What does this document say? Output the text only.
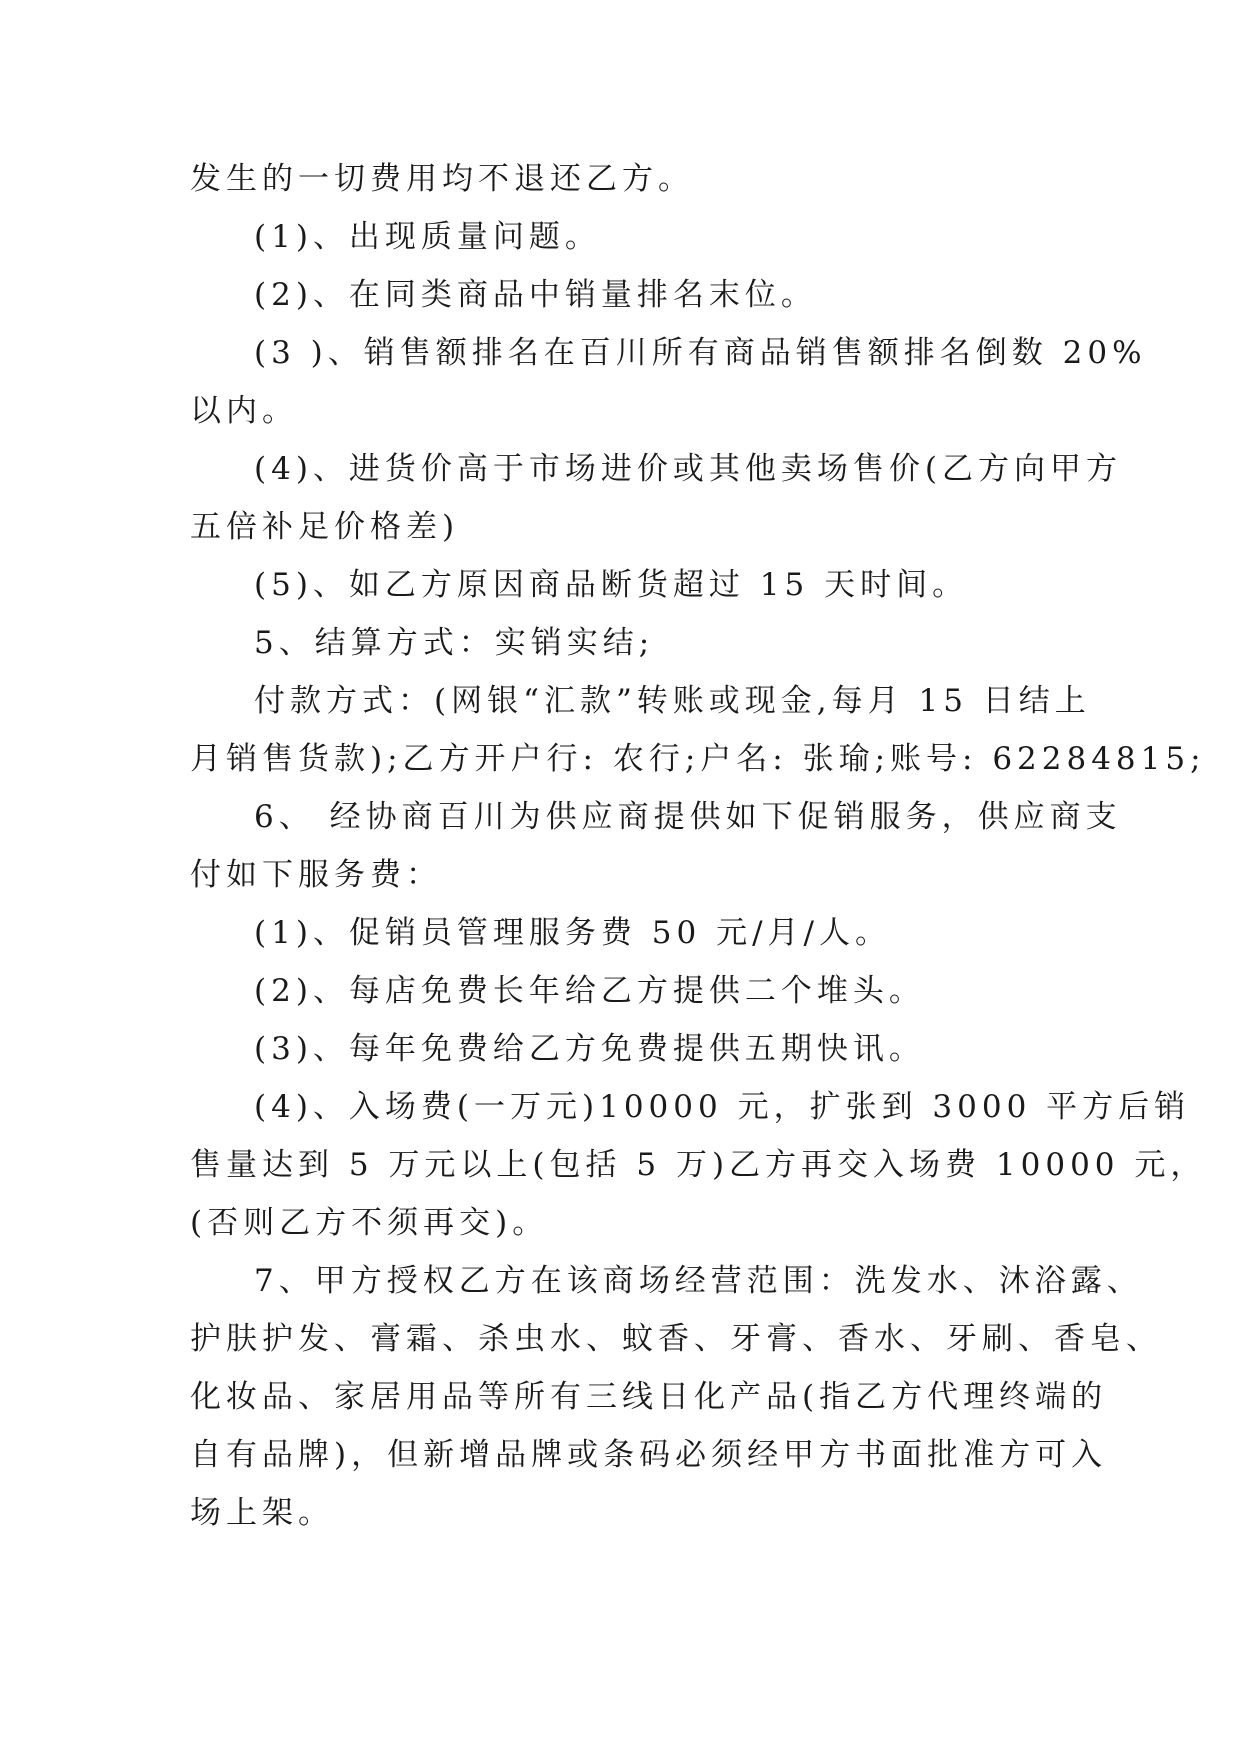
发生的一切费用均不退还乙方。
(1)、出现质量问题。
(2)、在同类商品中销量排名末位。
(3 )、销售额排名在百川所有商品销售额排名倒数 20%
以内。
(4)、进货价高于市场进价或其他卖场售价(乙方向甲方
五倍补足价格差)
(5)、如乙方原因商品断货超过 15 天时间。
5、结算方式：实销实结;
付款方式：(网银“汇款”转账或现金,每月 15 日结上
月销售货款);乙方开户行: 农行;户名: 张瑜;账号: 62284815;
6、 经协商百川为供应商提供如下促销服务，供应商支
付如下服务费：
(1)、促销员管理服务费 50 元/月/人。
(2)、每店免费长年给乙方提供二个堆头。
(3)、每年免费给乙方免费提供五期快讯。
(4)、入场费(一万元)10000 元，扩张到 3000 平方后销
售量达到 5 万元以上(包括 5 万)乙方再交入场费 10000 元，
(否则乙方不须再交)。
7、甲方授权乙方在该商场经营范围：洗发水、沐浴露、
护肤护发、膏霜、杀虫水、蚊香、牙膏、香水、牙刷、香皂、
化妆品、家居用品等所有三线日化产品(指乙方代理终端的
自有品牌)，但新增品牌或条码必须经甲方书面批准方可入
场上架。
